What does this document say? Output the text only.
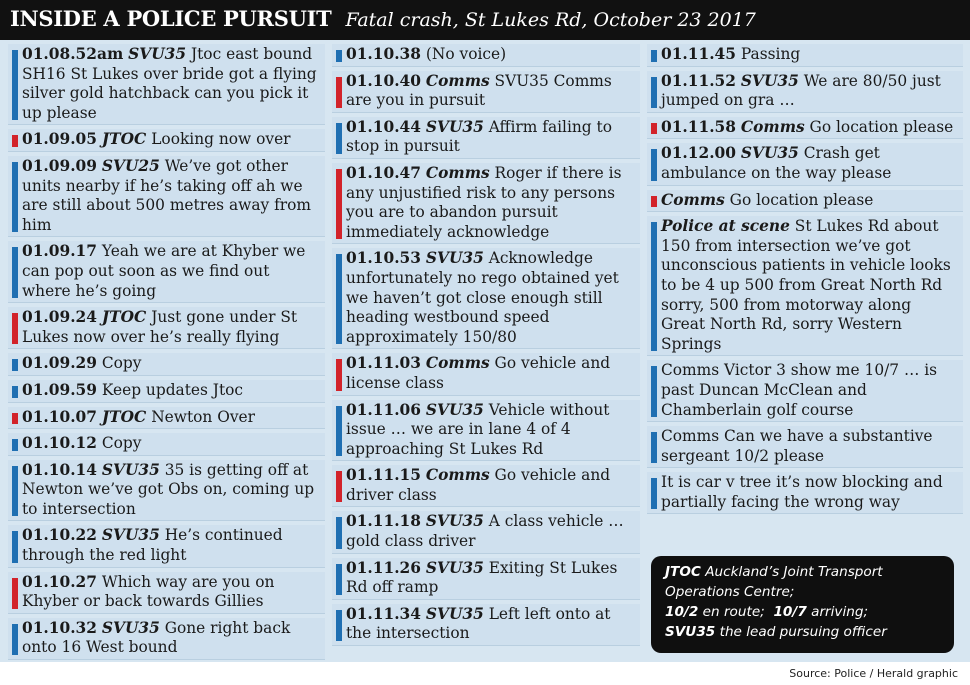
INSIDE A POLICE PURSUIT Fatal crash, St Lukes Rd, October 23 2017
01.08.52am SVU35 Jtoc east bound SH16 St Lukes over bride got a flying silver gold hatchback can you pick it up please
01.09.05 JTOC Looking now over
01.09.09 SVU25 We’ve got other units nearby if he’s taking off ah we are still about 500 metres away from him
01.09.17 Yeah we are at Khyber we can pop out soon as we find out where he’s going
01.09.24 JTOC Just gone under St Lukes now over he’s really flying
01.09.29 Copy
01.09.59 Keep updates Jtoc
01.10.07 JTOC Newton Over
01.10.12 Copy
01.10.14 SVU35 35 is getting off at Newton we’ve got Obs on, coming up to intersection
01.10.22 SVU35 He’s continued through the red light
01.10.27 Which way are you on Khyber or back towards Gillies
01.10.32 SVU35 Gone right back onto 16 West bound
01.10.38 (No voice)
01.10.40 Comms SVU35 Comms are you in pursuit
01.10.44 SVU35 Affirm failing to stop in pursuit
01.10.47 Comms Roger if there is any unjustified risk to any persons you are to abandon pursuit immediately acknowledge
01.10.53 SVU35 Acknowledge unfortunately no rego obtained yet we haven’t got close enough still heading westbound speed approximately 150/80
01.11.03 Comms Go vehicle and license class
01.11.06 SVU35 Vehicle without issue … we are in lane 4 of 4 approaching St Lukes Rd
01.11.15 Comms Go vehicle and driver class
01.11.18 SVU35 A class vehicle … gold class driver
01.11.26 SVU35 Exiting St Lukes Rd off ramp
01.11.34 SVU35 Left left onto at the intersection
01.11.45 Passing
01.11.52 SVU35 We are 80/50 just jumped on gra …
01.11.58 Comms Go location please
01.12.00 SVU35 Crash get ambulance on the way please
Comms Go location please
Police at scene St Lukes Rd about 150 from intersection we’ve got unconscious patients in vehicle looks to be 4 up 500 from Great North Rd sorry, 500 from motorway along Great North Rd, sorry Western Springs
Comms Victor 3 show me 10/7 … is past Duncan McClean and Chamberlain golf course
Comms Can we have a substantive sergeant 10/2 please
It is car v tree it’s now blocking and partially facing the wrong way
JTOC Auckland’s Joint Transport Operations Centre;
10/2 en route; 10/7 arriving;
SVU35 the lead pursuing officer
Source: Police / Herald graphic
